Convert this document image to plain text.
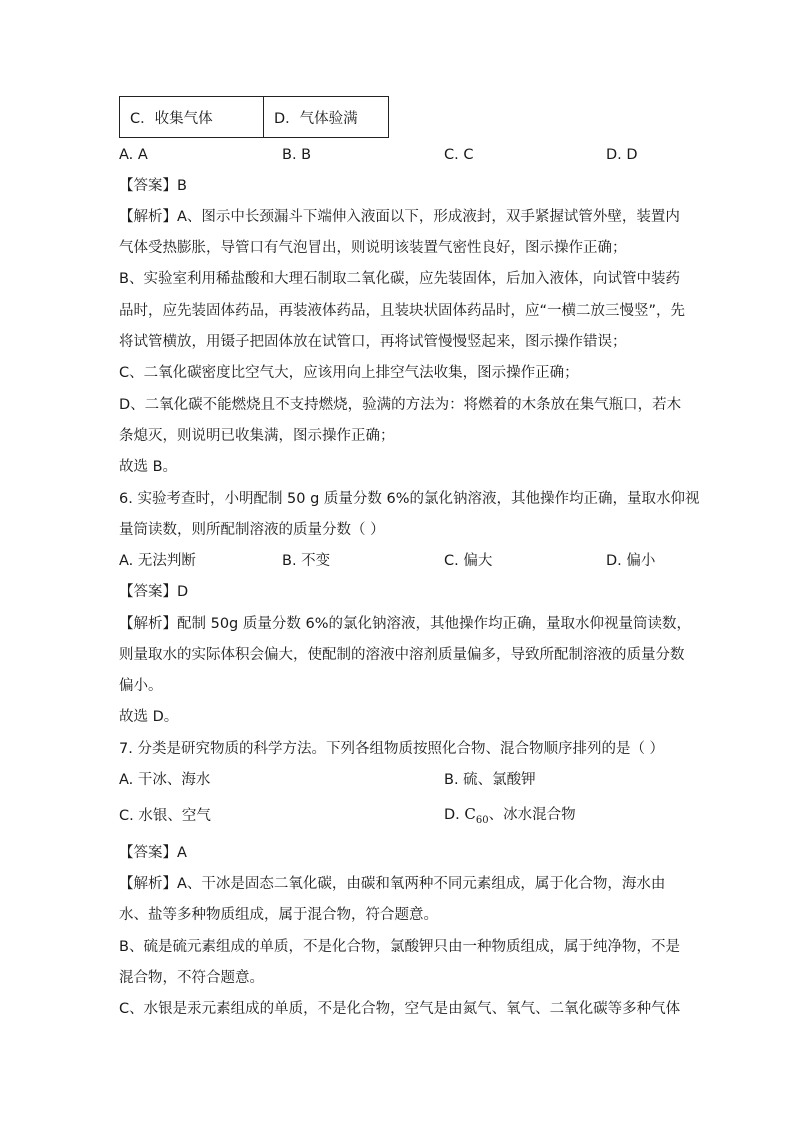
C．收集气体	D．气体验满
A. A	B. B	C. C	D. D
【答案】B
【解析】A、图示中长颈漏斗下端伸入液面以下，形成液封，双手紧握试管外壁，装置内
气体受热膨胀，导管口有气泡冒出，则说明该装置气密性良好，图示操作正确；
B、实验室利用稀盐酸和大理石制取二氧化碳，应先装固体，后加入液体，向试管中装药
品时，应先装固体药品，再装液体药品，且装块状固体药品时，应“一横二放三慢竖”，先
将试管横放，用镊子把固体放在试管口，再将试管慢慢竖起来，图示操作错误；
C、二氧化碳密度比空气大，应该用向上排空气法收集，图示操作正确；
D、二氧化碳不能燃烧且不支持燃烧，验满的方法为：将燃着的木条放在集气瓶口，若木
条熄灭，则说明已收集满，图示操作正确；
故选 B。
6. 实验考查时，小明配制 50 g 质量分数 6%的氯化钠溶液，其他操作均正确，量取水仰视
量筒读数，则所配制溶液的质量分数（ ）
A. 无法判断	B. 不变	C. 偏大	D. 偏小
【答案】D
【解析】配制 50g 质量分数 6%的氯化钠溶液，其他操作均正确，量取水仰视量筒读数，
则量取水的实际体积会偏大，使配制的溶液中溶剂质量偏多，导致所配制溶液的质量分数
偏小。
故选 D。
7. 分类是研究物质的科学方法。下列各组物质按照化合物、混合物顺序排列的是（ ）
A. 干冰、海水	B. 硫、氯酸钾
C. 水银、空气	D. $C_{60}$、冰水混合物
【答案】A
【解析】A、干冰是固态二氧化碳，由碳和氧两种不同元素组成，属于化合物，海水由
水、盐等多种物质组成，属于混合物，符合题意。
B、硫是硫元素组成的单质，不是化合物，氯酸钾只由一种物质组成，属于纯净物，不是
混合物，不符合题意。
C、水银是汞元素组成的单质，不是化合物，空气是由氮气、氧气、二氧化碳等多种气体
